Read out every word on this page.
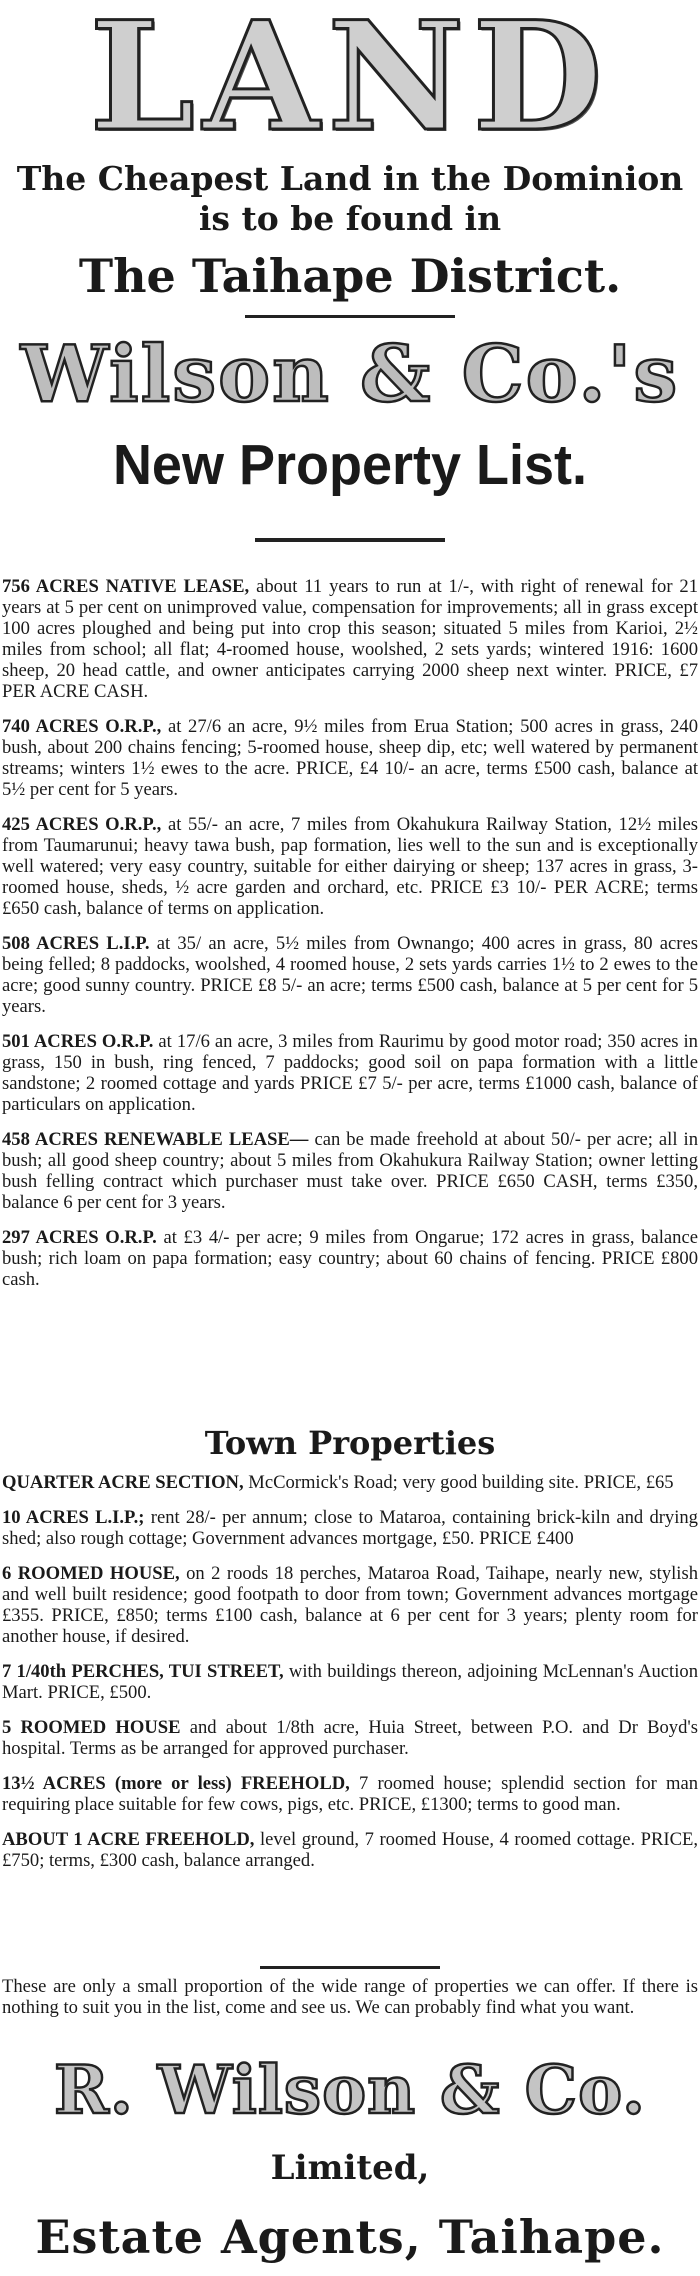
LAND
The Cheapest Land in the Dominion
is to be found in
The Taihape District.
Wilson & Co.'s
New Property List.

756 ACRES NATIVE LEASE, about 11 years to run at 1/-, with right of renewal for 21 years at 5 per cent on unimproved value, compensation for improvements; all in grass except 100 acres ploughed and being put into crop this season; situated 5 miles from Karioi, 2½ miles from school; all flat; 4-roomed house, woolshed, 2 sets yards; wintered 1916: 1600 sheep, 20 head cattle, and owner anticipates carrying 2000 sheep next winter. PRICE, £7 PER ACRE CASH.

740 ACRES O.R.P., at 27/6 an acre, 9½ miles from Erua Station; 500 acres in grass, 240 bush, about 200 chains fencing; 5-roomed house, sheep dip, etc; well watered by permanent streams; winters 1½ ewes to the acre. PRICE, £4 10/- an acre, terms £500 cash, balance at 5½ per cent for 5 years.

425 ACRES O.R.P., at 55/- an acre, 7 miles from Okahukura Railway Station, 12½ miles from Taumarunui; heavy tawa bush, pap formation, lies well to the sun and is exceptionally well watered; very easy country, suitable for either dairying or sheep; 137 acres in grass, 3- roomed house, sheds, ½ acre garden and orchard, etc. PRICE £3 10/- PER ACRE; terms £650 cash, balance of terms on application.

508 ACRES L.I.P. at 35/ an acre, 5½ miles from Ownango; 400 acres in grass, 80 acres being felled; 8 paddocks, woolshed, 4 roomed house, 2 sets yards carries 1½ to 2 ewes to the acre; good sunny country. PRICE £8 5/- an acre; terms £500 cash, balance at 5 per cent for 5 years.

501 ACRES O.R.P. at 17/6 an acre, 3 miles from Raurimu by good motor road; 350 acres in grass, 150 in bush, ring fenced, 7 paddocks; good soil on papa formation with a little sandstone; 2 roomed cottage and yards PRICE £7 5/- per acre, terms £1000 cash, balance of particulars on application.

458 ACRES RENEWABLE LEASE— can be made freehold at about 50/- per acre; all in bush; all good sheep country; about 5 miles from Okahukura Railway Station; owner letting bush felling contract which purchaser must take over. PRICE £650 CASH, terms £350, balance 6 per cent for 3 years.

297 ACRES O.R.P. at £3 4/- per acre; 9 miles from Ongarue; 172 acres in grass, balance bush; rich loam on papa formation; easy country; about 60 chains of fencing. PRICE £800 cash.

Town Properties

QUARTER ACRE SECTION, McCormick's Road; very good building site. PRICE, £65

10 ACRES L.I.P.; rent 28/- per annum; close to Mataroa, containing brick-kiln and drying shed; also rough cottage; Government advances mortgage, £50. PRICE £400

6 ROOMED HOUSE, on 2 roods 18 perches, Mataroa Road, Taihape, nearly new, stylish and well built residence; good footpath to door from town; Government advances mortgage £355. PRICE, £850; terms £100 cash, balance at 6 per cent for 3 years; plenty room for another house, if desired.

7 1/40th PERCHES, TUI STREET, with buildings thereon, adjoining McLennan's Auction Mart. PRICE, £500.

5 ROOMED HOUSE and about 1/8th acre, Huia Street, between P.O. and Dr Boyd's hospital. Terms as be arranged for approved purchaser.

13½ ACRES (more or less) FREEHOLD, 7 roomed house; splendid section for man requiring place suitable for few cows, pigs, etc. PRICE, £1300; terms to good man.

ABOUT 1 ACRE FREEHOLD, level ground, 7 roomed House, 4 roomed cottage. PRICE, £750; terms, £300 cash, balance arranged.

These are only a small proportion of the wide range of properties we can offer. If there is nothing to suit you in the list, come and see us. We can probably find what you want.
R. Wilson & Co.
Limited,
Estate Agents, Taihape.
